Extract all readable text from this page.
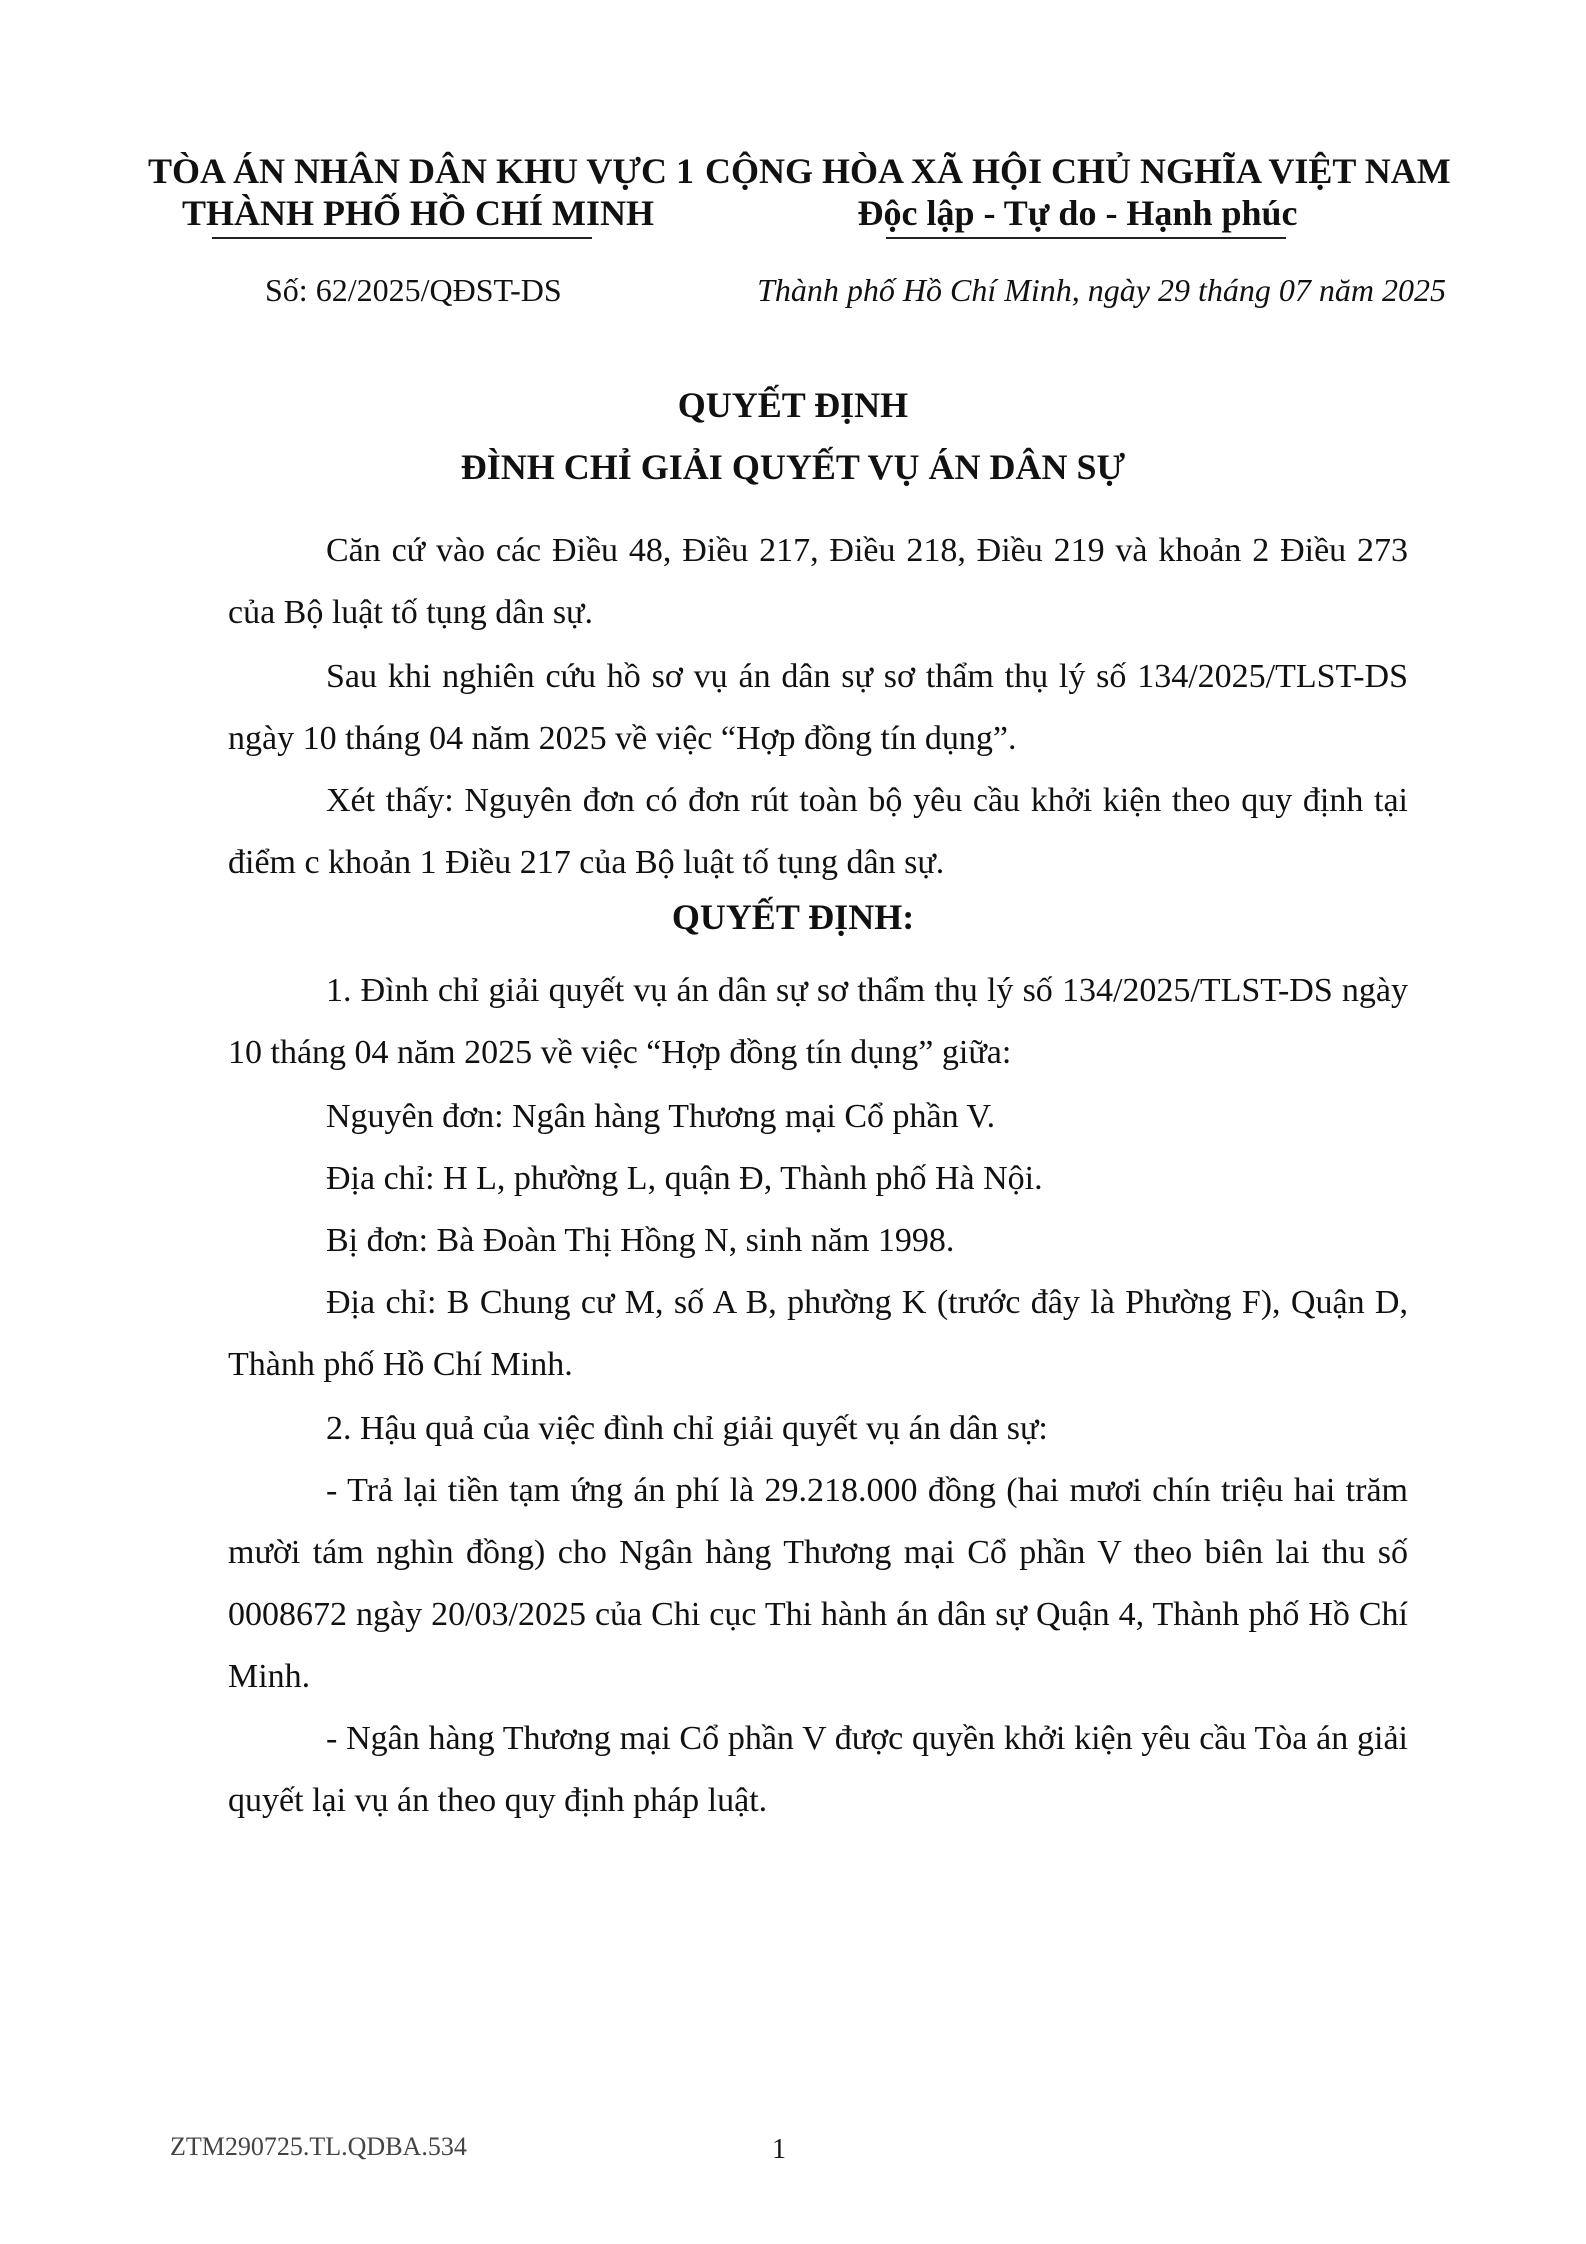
TÒA ÁN NHÂN DÂN KHU VỰC 1
THÀNH PHỐ HỒ CHÍ MINH
CỘNG HÒA XÃ HỘI CHỦ NGHĨA VIỆT NAM
Độc lập - Tự do - Hạnh phúc
Số: 62/2025/QĐST-DS	Thành phố Hồ Chí Minh, ngày 29 tháng 07 năm 2025
QUYẾT ĐỊNH
ĐÌNH CHỈ GIẢI QUYẾT VỤ ÁN DÂN SỰ

Căn cứ vào các Điều 48, Điều 217, Điều 218, Điều 219 và khoản 2 Điều 273 của Bộ luật tố tụng dân sự.

Sau khi nghiên cứu hồ sơ vụ án dân sự sơ thẩm thụ lý số 134/2025/TLST-DS ngày 10 tháng 04 năm 2025 về việc “Hợp đồng tín dụng”.

Xét thấy: Nguyên đơn có đơn rút toàn bộ yêu cầu khởi kiện theo quy định tại điểm c khoản 1 Điều 217 của Bộ luật tố tụng dân sự.

QUYẾT ĐỊNH:

1. Đình chỉ giải quyết vụ án dân sự sơ thẩm thụ lý số 134/2025/TLST-DS ngày 10 tháng 04 năm 2025 về việc “Hợp đồng tín dụng” giữa:

Nguyên đơn: Ngân hàng Thương mại Cổ phần V.

Địa chỉ: H L, phường L, quận Đ, Thành phố Hà Nội.

Bị đơn: Bà Đoàn Thị Hồng N, sinh năm 1998.

Địa chỉ: B Chung cư M, số A B, phường K (trước đây là Phường F), Quận D, Thành phố Hồ Chí Minh.

2. Hậu quả của việc đình chỉ giải quyết vụ án dân sự:

- Trả lại tiền tạm ứng án phí là 29.218.000 đồng (hai mươi chín triệu hai trăm mười tám nghìn đồng) cho Ngân hàng Thương mại Cổ phần V theo biên lai thu số 0008672 ngày 20/03/2025 của Chi cục Thi hành án dân sự Quận 4, Thành phố Hồ Chí Minh.

- Ngân hàng Thương mại Cổ phần V được quyền khởi kiện yêu cầu Tòa án giải quyết lại vụ án theo quy định pháp luật.

ZTM290725.TL.QDBA.534	1
